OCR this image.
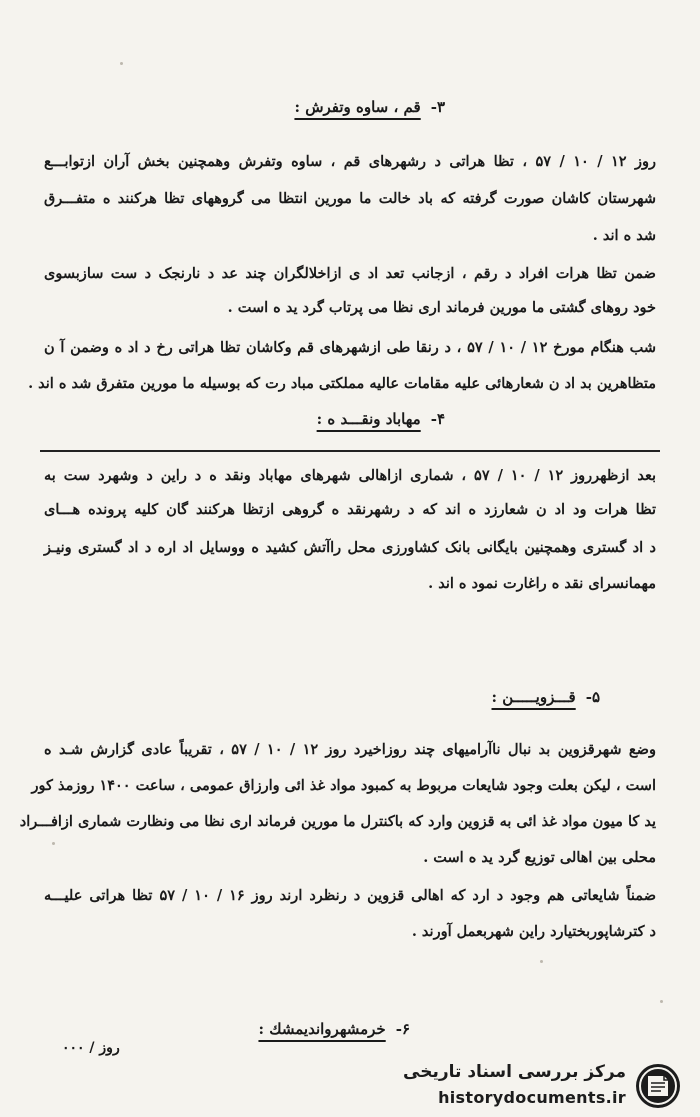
۳-قم ، ساوه وتفرش :
روز ۱۲ / ۱۰ / ۵۷ ، تظا هراتی د رشهرهای قم ، ساوه وتفرش وهمچنین بخش آران ازتوابـــع
شهرستان کاشان صورت گرفته که باد خالت ما مورین انتظا می گروههای تظا هرکنند ه متفـــرق
شد ه اند .
ضمن تظا هرات افراد د رقم ، ازجانب تعد اد ی ازاخلالگران چند عد د نارنجک د ست سازبسوی
خود روهای گشتی ما مورین فرماند اری نظا می پرتاب گرد ید ه است .
شب هنگام مورخ ۱۲ / ۱۰ / ۵۷ ، د رنقا طی ازشهرهای قم وکاشان تظا هراتی رخ د اد ه وضمن آ ن
متظاهرین بد اد ن شعارهائی علیه مقامات عالیه مملکتی مباد رت که بوسیله ما مورین متفرق شد ه اند .
۴-مهاباد ونقـــد ه :
بعد ازظهرروز ۱۲ / ۱۰ / ۵۷ ، شماری ازاهالی شهرهای مهاباد ونقد ه د راین د وشهرد ست به
تظا هرات ود اد ن شعارزد ه اند که د رشهرنقد ه گروهی ازتظا هرکنند گان کلیه پرونده هـــای
د اد گستری وهمچنین بایگانی بانک کشاورزی محل راآتش کشید ه ووسایل اد اره د اد گستری ونیـز
مهمانسرای نقد ه راغارت نمود ه اند .
۵-قـــزویـــــن :
وضع شهرقزوین بد نبال ناآرامیهای چند روزاخیرد روز ۱۲ / ۱۰ / ۵۷ ، تقریباً عادی گزارش شـد ه
است ، لیکن بعلت وجود شایعات مربوط به کمبود مواد غذ ائی وارزاق عمومی ، ساعت ۱۴۰۰ روزمذ کور
ید کا میون مواد غذ ائی به قزوین وارد که باکنترل ما مورین فرماند اری نظا می ونظارت شماری ازافـــراد
محلی بین اهالی توزیع گرد ید ه است .
ضمناً شایعاتی هم وجود د ارد که اهالی قزوین د رنظرد ارند روز ۱۶ / ۱۰ / ۵۷ تظا هراتی علیـــه
د کترشاپوربختیارد راین شهربعمل آورند .
۶-خرمشهروانديمشك :
روز / ۰۰۰
مرکز بررسی اسناد تاریخی
historydocuments.ir
